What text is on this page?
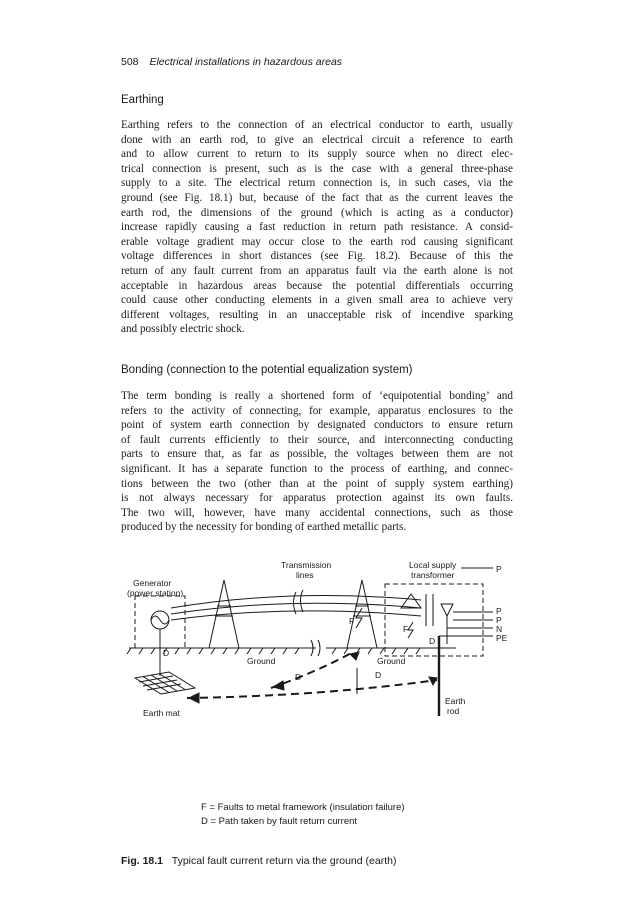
508 Electrical installations in hazardous areas
Earthing
Earthing refers to the connection of an electrical conductor to earth, usually
done with an earth rod, to give an electrical circuit a reference to earth
and to allow current to return to its supply source when no direct elec-
trical connection is present, such as is the case with a general three-phase
supply to a site. The electrical return connection is, in such cases, via the
ground (see Fig. 18.1) but, because of the fact that as the current leaves the
earth rod, the dimensions of the ground (which is acting as a conductor)
increase rapidly causing a fast reduction in return path resistance. A consid-
erable voltage gradient may occur close to the earth rod causing significant
voltage differences in short distances (see Fig. 18.2). Because of this the
return of any fault current from an apparatus fault via the earth alone is not
acceptable in hazardous areas because the potential differentials occurring
could cause other conducting elements in a given small area to achieve very
different voltages, resulting in an unacceptable risk of incendive sparking
and possibly electric shock.
Bonding (connection to the potential equalization system)
The term bonding is really a shortened form of ‘equipotential bonding’ and
refers to the activity of connecting, for example, apparatus enclosures to the
point of system earth connection by designated conductors to ensure return
of fault currents efficiently to their source, and interconnecting conducting
parts to ensure that, as far as possible, the voltages between them are not
significant. It has a separate function to the process of earthing, and connec-
tions between the two (other than at the point of supply system earthing)
is not always necessary for apparatus protection against its own faults.
The two will, however, have many accidental connections, such as those
produced by the necessity for bonding of earthed metallic parts.
Transmission
lines
Local supply
transformer
Generator
(power station)
Ground	Ground
Earth mat
Earth
rod
D
D	D
D
F
F
P
P
P
N
PE
F = Faults to metal framework (insulation failure)
D = Path taken by fault return current
Fig. 18.1 Typical fault current return via the ground (earth)
